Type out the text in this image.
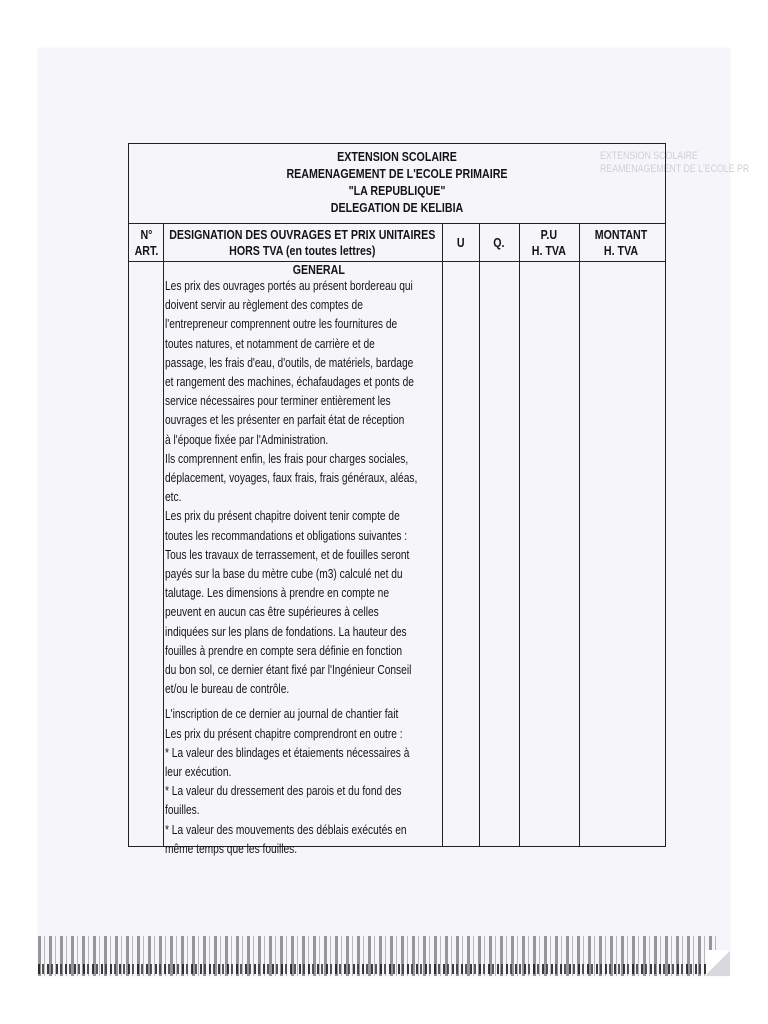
EXTENSION SCOLAIRE
REAMENAGEMENT DE L'ECOLE PR
EXTENSION SCOLAIRE
REAMENAGEMENT DE L'ECOLE PRIMAIRE
"LA REPUBLIQUE"
DELEGATION DE KELIBIA
N°
ART.
DESIGNATION DES OUVRAGES ET PRIX UNITAIRES
HORS TVA (en toutes lettres)
U Q.
P.U
H. TVA
MONTANT
H. TVA
GENERAL
Les prix des ouvrages portés au présent bordereau qui
doivent servir au règlement des comptes de
l'entrepreneur comprennent outre les fournitures de
toutes natures, et notamment de carrière et de
passage, les frais d'eau, d'outils, de matériels, bardage
et rangement des machines, échafaudages et ponts de
service nécessaires pour terminer entièrement les
ouvrages et les présenter en parfait état de réception
à l'époque fixée par l'Administration.
Ils comprennent enfin, les frais pour charges sociales,
déplacement, voyages, faux frais, frais généraux, aléas,
etc.
Les prix du présent chapitre doivent tenir compte de
toutes les recommandations et obligations suivantes :
Tous les travaux de terrassement, et de fouilles seront
payés sur la base du mètre cube (m3) calculé net du
talutage. Les dimensions à prendre en compte ne
peuvent en aucun cas être supérieures à celles
indiquées sur les plans de fondations. La hauteur des
fouilles à prendre en compte sera définie en fonction
du bon sol, ce dernier étant fixé par l'Ingénieur Conseil
et/ou le bureau de contrôle.
L'inscription de ce dernier au journal de chantier fait
Les prix du présent chapitre comprendront en outre :
* La valeur des blindages et étaiements nécessaires à
leur exécution.
* La valeur du dressement des parois et du fond des
fouilles.
* La valeur des mouvements des déblais exécutés en
même temps que les fouilles.
